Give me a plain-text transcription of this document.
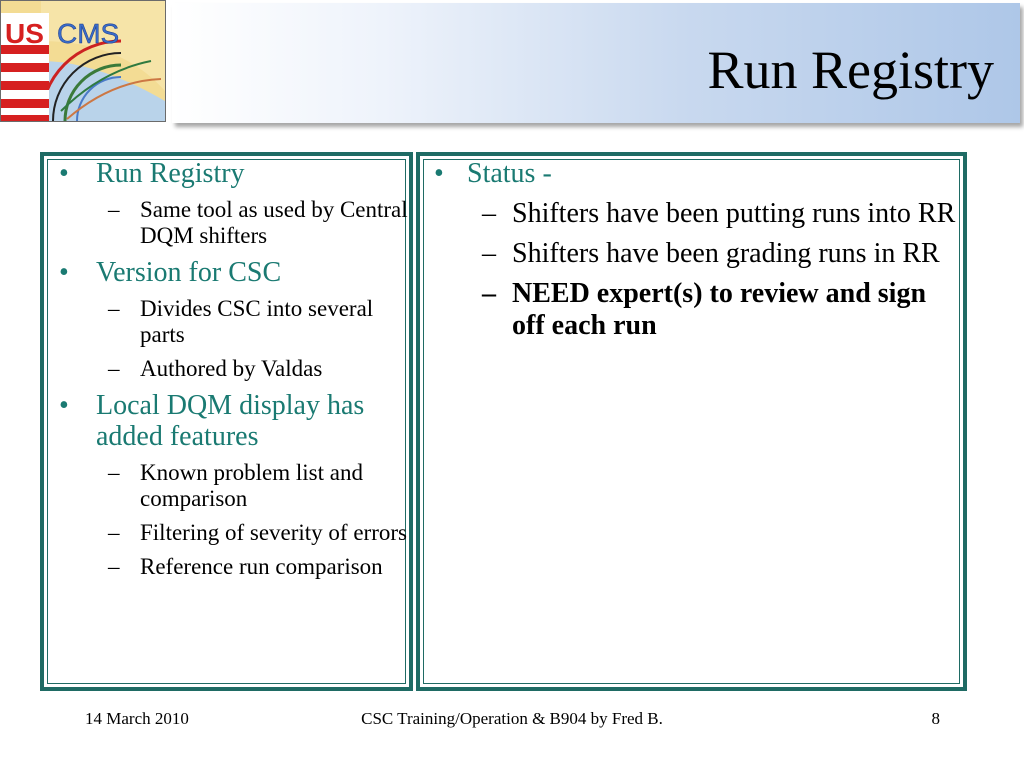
US CMS
Run Registry
• Run Registry
– Same tool as used by Central DQM shifters
• Version for CSC
– Divides CSC into several parts
– Authored by Valdas
• Local DQM display has added features
– Known problem list and comparison
– Filtering of severity of errors
– Reference run comparison
• Status -
– Shifters have been putting runs into RR
– Shifters have been grading runs in RR
– NEED expert(s) to review and sign off each run
14 March 2010	CSC Training/Operation & B904 by Fred B.	8
